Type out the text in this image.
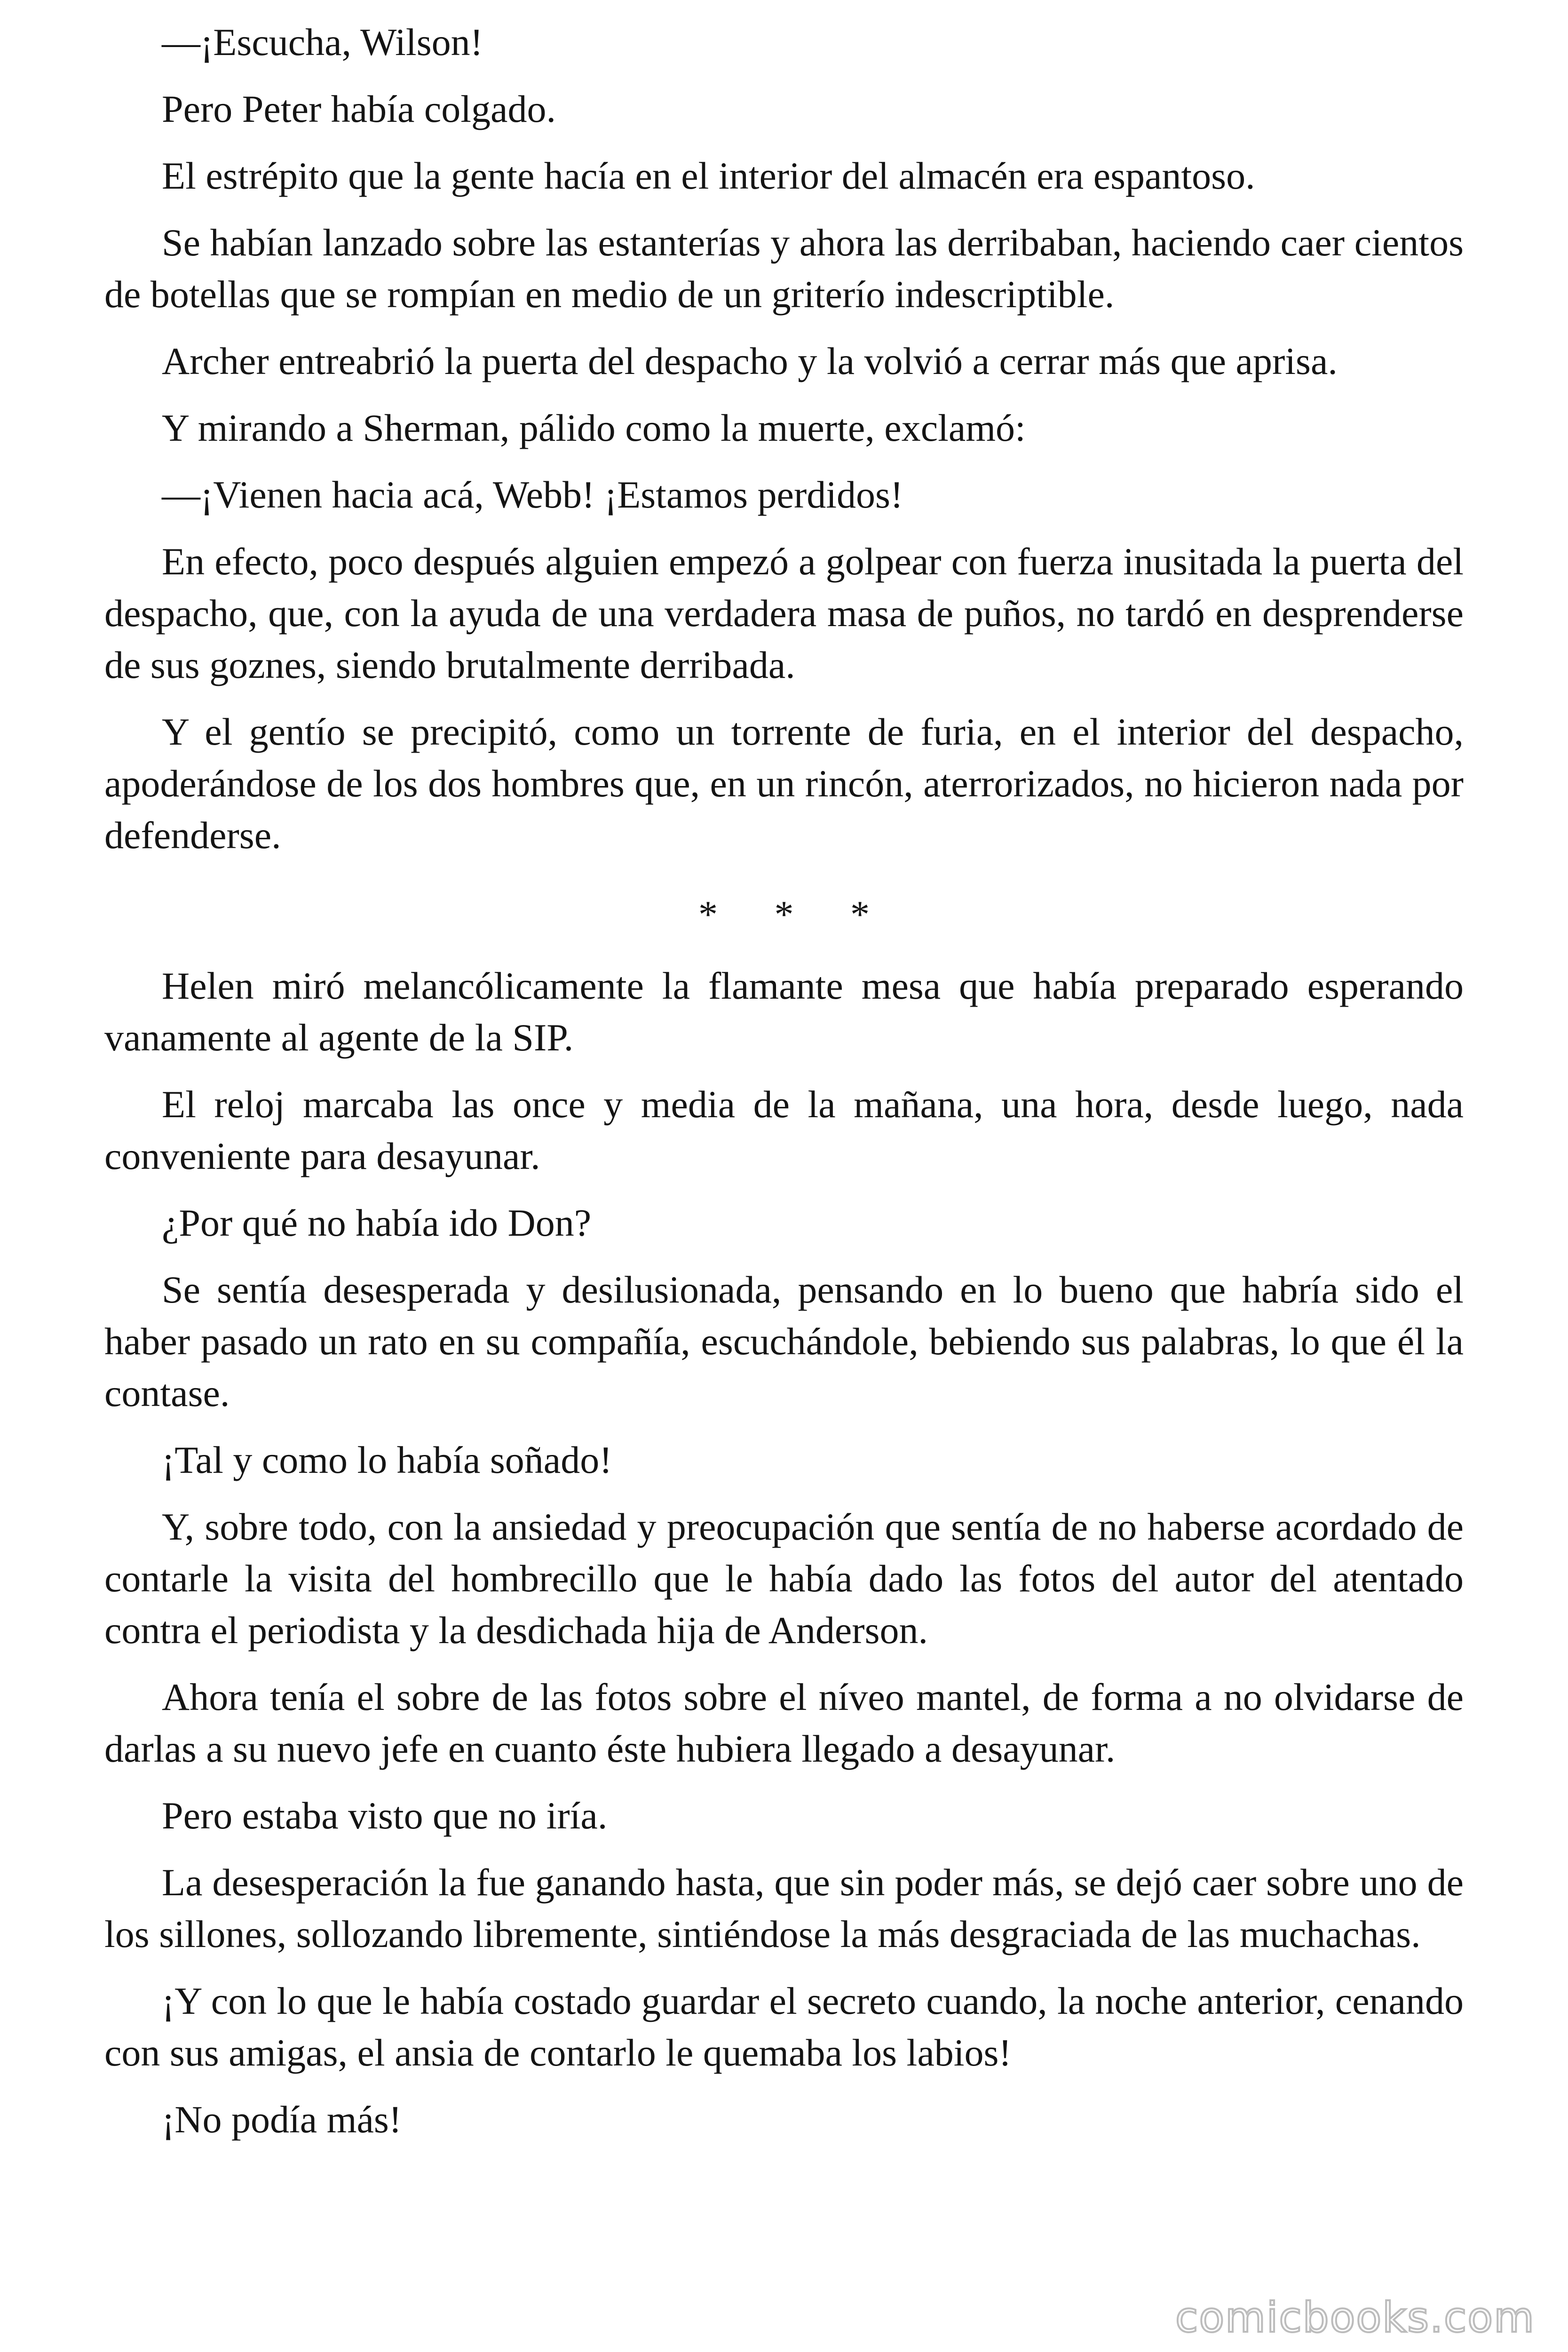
—¡Escucha, Wilson!

Pero Peter había colgado.

El estrépito que la gente hacía en el interior del almacén era espantoso.

Se habían lanzado sobre las estanterías y ahora las derribaban, haciendo caer cientos de botellas que se rompían en medio de un griterío indescriptible.

Archer entreabrió la puerta del despacho y la volvió a cerrar más que aprisa.

Y mirando a Sherman, pálido como la muerte, exclamó:

—¡Vienen hacia acá, Webb! ¡Estamos perdidos!

En efecto, poco después alguien empezó a golpear con fuerza inusitada la puerta del despacho, que, con la ayuda de una verdadera masa de puños, no tardó en desprenderse de sus goznes, siendo brutalmente derribada.

Y el gentío se precipitó, como un torrente de furia, en el interior del despacho, apoderándose de los dos hombres que, en un rincón, aterrorizados, no hicieron nada por defenderse.

* * *

Helen miró melancólicamente la flamante mesa que había preparado esperando vanamente al agente de la SIP.

El reloj marcaba las once y media de la mañana, una hora, desde luego, nada conveniente para desayunar.

¿Por qué no había ido Don?

Se sentía desesperada y desilusionada, pensando en lo bueno que habría sido el haber pasado un rato en su compañía, escuchándole, bebiendo sus palabras, lo que él la contase.

¡Tal y como lo había soñado!

Y, sobre todo, con la ansiedad y preocupación que sentía de no haberse acordado de contarle la visita del hombrecillo que le había dado las fotos del autor del atentado contra el periodista y la desdichada hija de Anderson.

Ahora tenía el sobre de las fotos sobre el níveo mantel, de forma a no olvidarse de darlas a su nuevo jefe en cuanto éste hubiera llegado a desayunar.

Pero estaba visto que no iría.

La desesperación la fue ganando hasta, que sin poder más, se dejó caer sobre uno de los sillones, sollozando libremente, sintiéndose la más desgraciada de las muchachas.

¡Y con lo que le había costado guardar el secreto cuando, la noche anterior, cenando con sus amigas, el ansia de contarlo le quemaba los labios!

¡No podía más!

comicbooks.com
